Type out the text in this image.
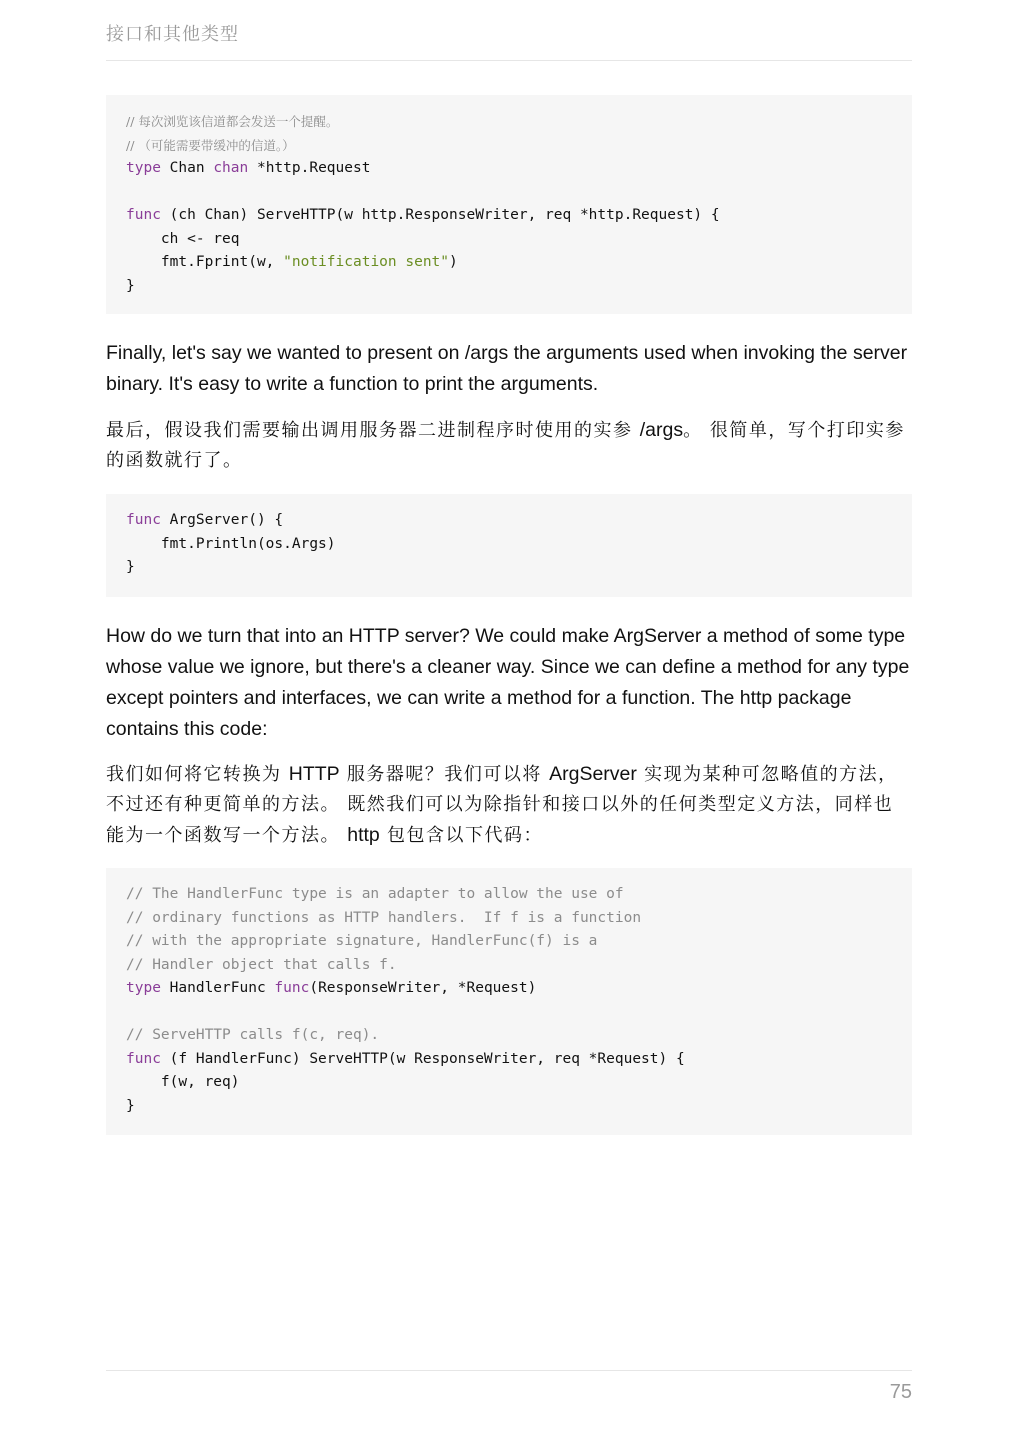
接口和其他类型
// 每次浏览该信道都会发送一个提醒。
// （可能需要带缓冲的信道。）
type Chan chan *http.Request
func (ch Chan) ServeHTTP(w http.ResponseWriter, req *http.Request) {
ch <- req
fmt.Fprint(w, "notification sent")
}
Finally, let's say we wanted to present on /args the arguments used when invoking the server binary. It's easy to write a function to print the arguments.
最后，假设我们需要输出调用服务器二进制程序时使用的实参 /args。 很简单，写个打印实参的函数就行了。
func ArgServer() {
fmt.Println(os.Args)
}
How do we turn that into an HTTP server? We could make ArgServer a method of some type whose value we ignore, but there's a cleaner way. Since we can define a method for any type except pointers and interfaces, we can write a method for a function. The http package contains this code:
我们如何将它转换为 HTTP 服务器呢？我们可以将 ArgServer 实现为某种可忽略值的方法，不过还有种更简单的方法。 既然我们可以为除指针和接口以外的任何类型定义方法，同样也能为一个函数写一个方法。 http 包包含以下代码：
// The HandlerFunc type is an adapter to allow the use of
// ordinary functions as HTTP handlers.  If f is a function
// with the appropriate signature, HandlerFunc(f) is a
// Handler object that calls f.
type HandlerFunc func(ResponseWriter, *Request)
// ServeHTTP calls f(c, req).
func (f HandlerFunc) ServeHTTP(w ResponseWriter, req *Request) {
f(w, req)
}
75
